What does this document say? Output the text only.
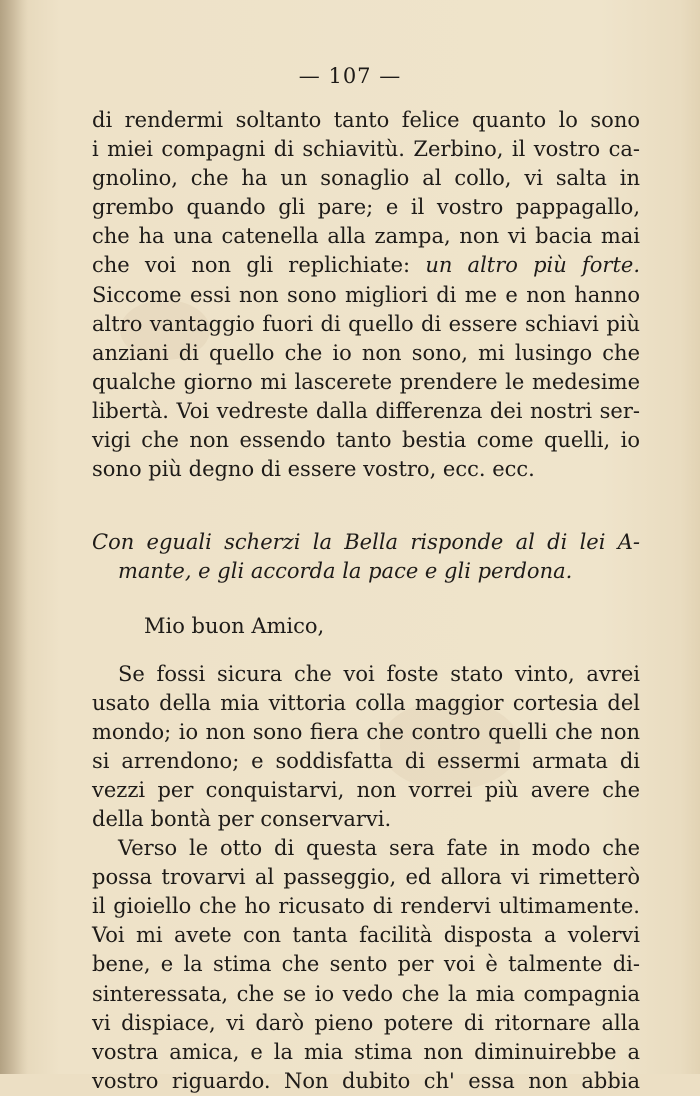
— 107 —
di rendermi soltanto tanto felice quanto lo sono
i miei compagni di schiavitù. Zerbino, il vostro ca-
gnolino, che ha un sonaglio al collo, vi salta in
grembo quando gli pare; e il vostro pappagallo,
che ha una catenella alla zampa, non vi bacia mai
che voi non gli replichiate: un altro più forte.
Siccome essi non sono migliori di me e non hanno
altro vantaggio fuori di quello di essere schiavi più
anziani di quello che io non sono, mi lusingo che
qualche giorno mi lascerete prendere le medesime
libertà. Voi vedreste dalla differenza dei nostri ser-
vigi che non essendo tanto bestia come quelli, io
sono più degno di essere vostro, ecc. ecc.
Con eguali scherzi la Bella risponde al di lei A-
mante, e gli accorda la pace e gli perdona.
Mio buon Amico,
Se fossi sicura che voi foste stato vinto, avrei
usato della mia vittoria colla maggior cortesia del
mondo; io non sono fiera che contro quelli che non
si arrendono; e soddisfatta di essermi armata di
vezzi per conquistarvi, non vorrei più avere che
della bontà per conservarvi.
Verso le otto di questa sera fate in modo che
possa trovarvi al passeggio, ed allora vi rimetterò
il gioiello che ho ricusato di rendervi ultimamente.
Voi mi avete con tanta facilità disposta a volervi
bene, e la stima che sento per voi è talmente di-
sinteressata, che se io vedo che la mia compagnia
vi dispiace, vi darò pieno potere di ritornare alla
vostra amica, e la mia stima non diminuirebbe a
vostro riguardo. Non dubito ch' essa non abbia
